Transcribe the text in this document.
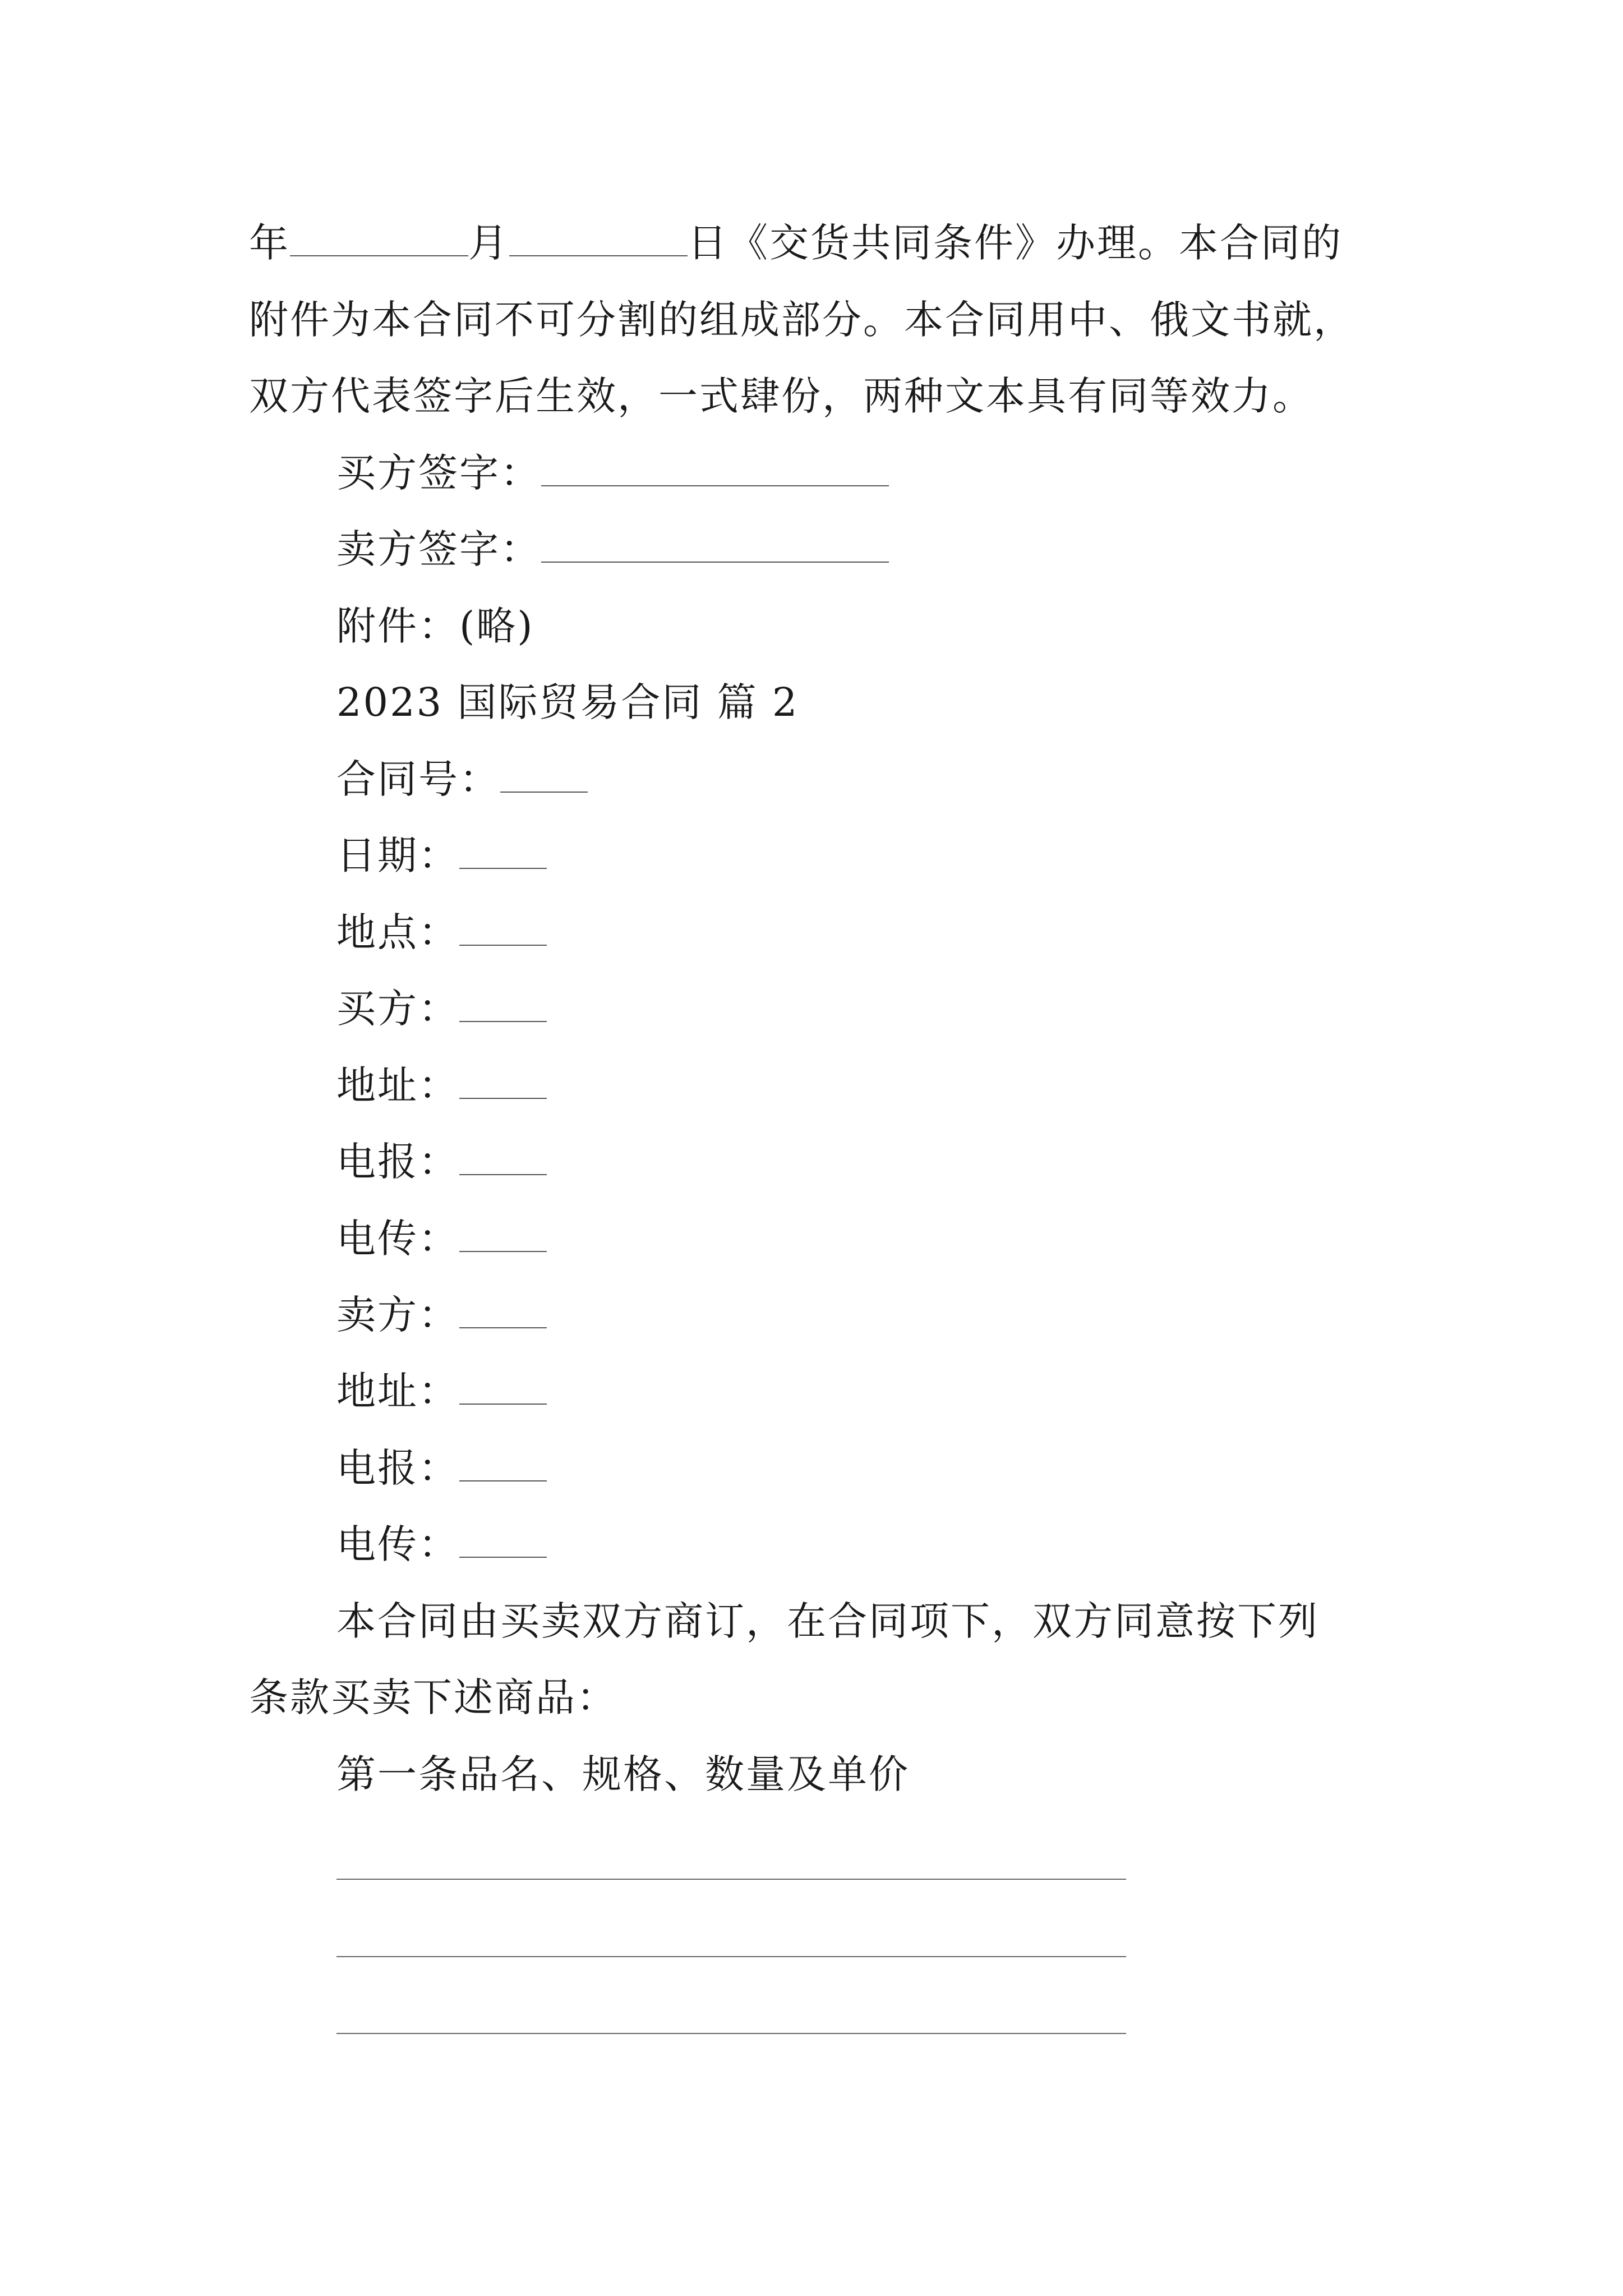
年	月	日《交货共同条件》办理。本合同的
附件为本合同不可分割的组成部分。本合同用中、俄文书就，
双方代表签字后生效，一式肆份，两种文本具有同等效力。
买方签字：
卖方签字：
附件：(略)
2023 国际贸易合同 篇 2
合同号：
日期：
地点：
买方：
地址：
电报：
电传：
卖方：
地址：
电报：
电传：
本合同由买卖双方商订，在合同项下，双方同意按下列
条款买卖下述商品：
第一条品名、规格、数量及单价
